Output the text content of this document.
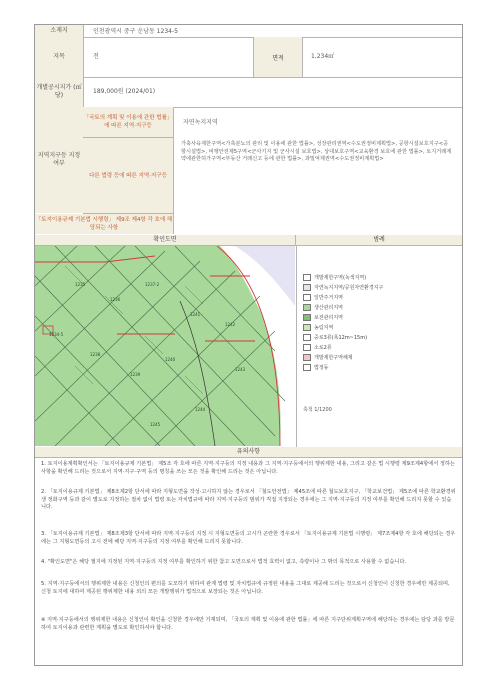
소재지	인천광역시 중구 운남동 1234-5
지목	전	면적	1,234㎡
개별공시지가 (㎡당)
189,000원 (2024/01)
지역지구등 지정여부
「국토의 계획 및 이용에 관한 법률」에 따른 지역·지구등	자연녹지지역
다른 법령 등에 따른 지역·지구등
가축사육제한구역<가축분뇨의 관리 및 이용에 관한 법률>, 성장관리권역<수도권정비계획법>, 공항시설보호지구<공항시설법>, 비행안전제5구역<군사기지 및 군사시설 보호법>, 상대보호구역<교육환경 보호에 관한 법률>, 토지거래계약에관한허가구역<부동산 거래신고 등에 관한 법률>, 과밀억제권역<수도권정비계획법>
「토지이용규제 기본법 시행령」 제9조 제4항 각 호에 해당되는 사항
확인도면	범례
1234-5
1235
1236
1237-2
1238
1239
1240
1241
1242
1243
1244
1245
개발제한구역(녹색지역)
자연녹지지역/공원자연환경지구
일반주거지역
생산관리지역
보전관리지역
농림지역
중로3류(폭12m~15m)
소로2류
개발제한구역해제
법정동
축척 1/1200
유의사항
1. 토지이용계획확인서는 「토지이용규제 기본법」 제5조 각 호에 따른 지역·지구등의 지정 내용과 그 지역·지구등에서의 행위제한 내용, 그리고 같은 법 시행령 제9조제4항에서 정하는 사항을 확인해 드리는 것으로서 지역·지구·구역 등의 명칭을 쓰는 모든 것을 확인해 드리는 것은 아닙니다.
2. 「토지이용규제 기본법」 제8조제2항 단서에 따라 지형도면을 작성·고시하지 않는 경우로서 「철도안전법」 제45조에 따른 철도보호지구, 「학교보건법」 제5조에 따른 학교환경위생 정화구역 등과 같이 별도로 지정하는 절차 없이 법령 또는 자치법규에 따라 지역·지구등의 범위가 직접 지정되는 경우에는 그 지역·지구등의 지정 여부를 확인해 드리지 못할 수 있습니다.
3. 「토지이용규제 기본법」 제8조제3항 단서에 따라 지역·지구등의 지정 시 지형도면등의 고시가 곤란한 경우로서 「토지이용규제 기본법 시행령」 제7조제4항 각 호에 해당되는 경우에는 그 지형도면등의 고시 전에 해당 지역·지구등의 지정 여부를 확인해 드리지 못합니다.
4. "확인도면"은 해당 필지에 지정된 지역·지구등의 지정 여부를 확인하기 위한 참고 도면으로서 법적 효력이 없고, 측량이나 그 밖의 목적으로 사용할 수 없습니다.
5. 지역·지구등에서의 행위제한 내용은 신청인의 편의를 도모하기 위하여 관계 법령 및 자치법규에 규정된 내용을 그대로 제공해 드리는 것으로서 신청인이 신청한 경우에만 제공되며, 신청 토지에 대하여 제공된 행위제한 내용 외의 모든 개발행위가 법적으로 보장되는 것은 아닙니다.
※ 지역·지구등에서의 행위제한 내용은 신청인이 확인을 신청한 경우에만 기재되며, 「국토의 계획 및 이용에 관한 법률」에 따른 지구단위계획구역에 해당하는 경우에는 담당 과를 방문하여 토지이용과 관련한 계획을 별도로 확인하셔야 합니다.
